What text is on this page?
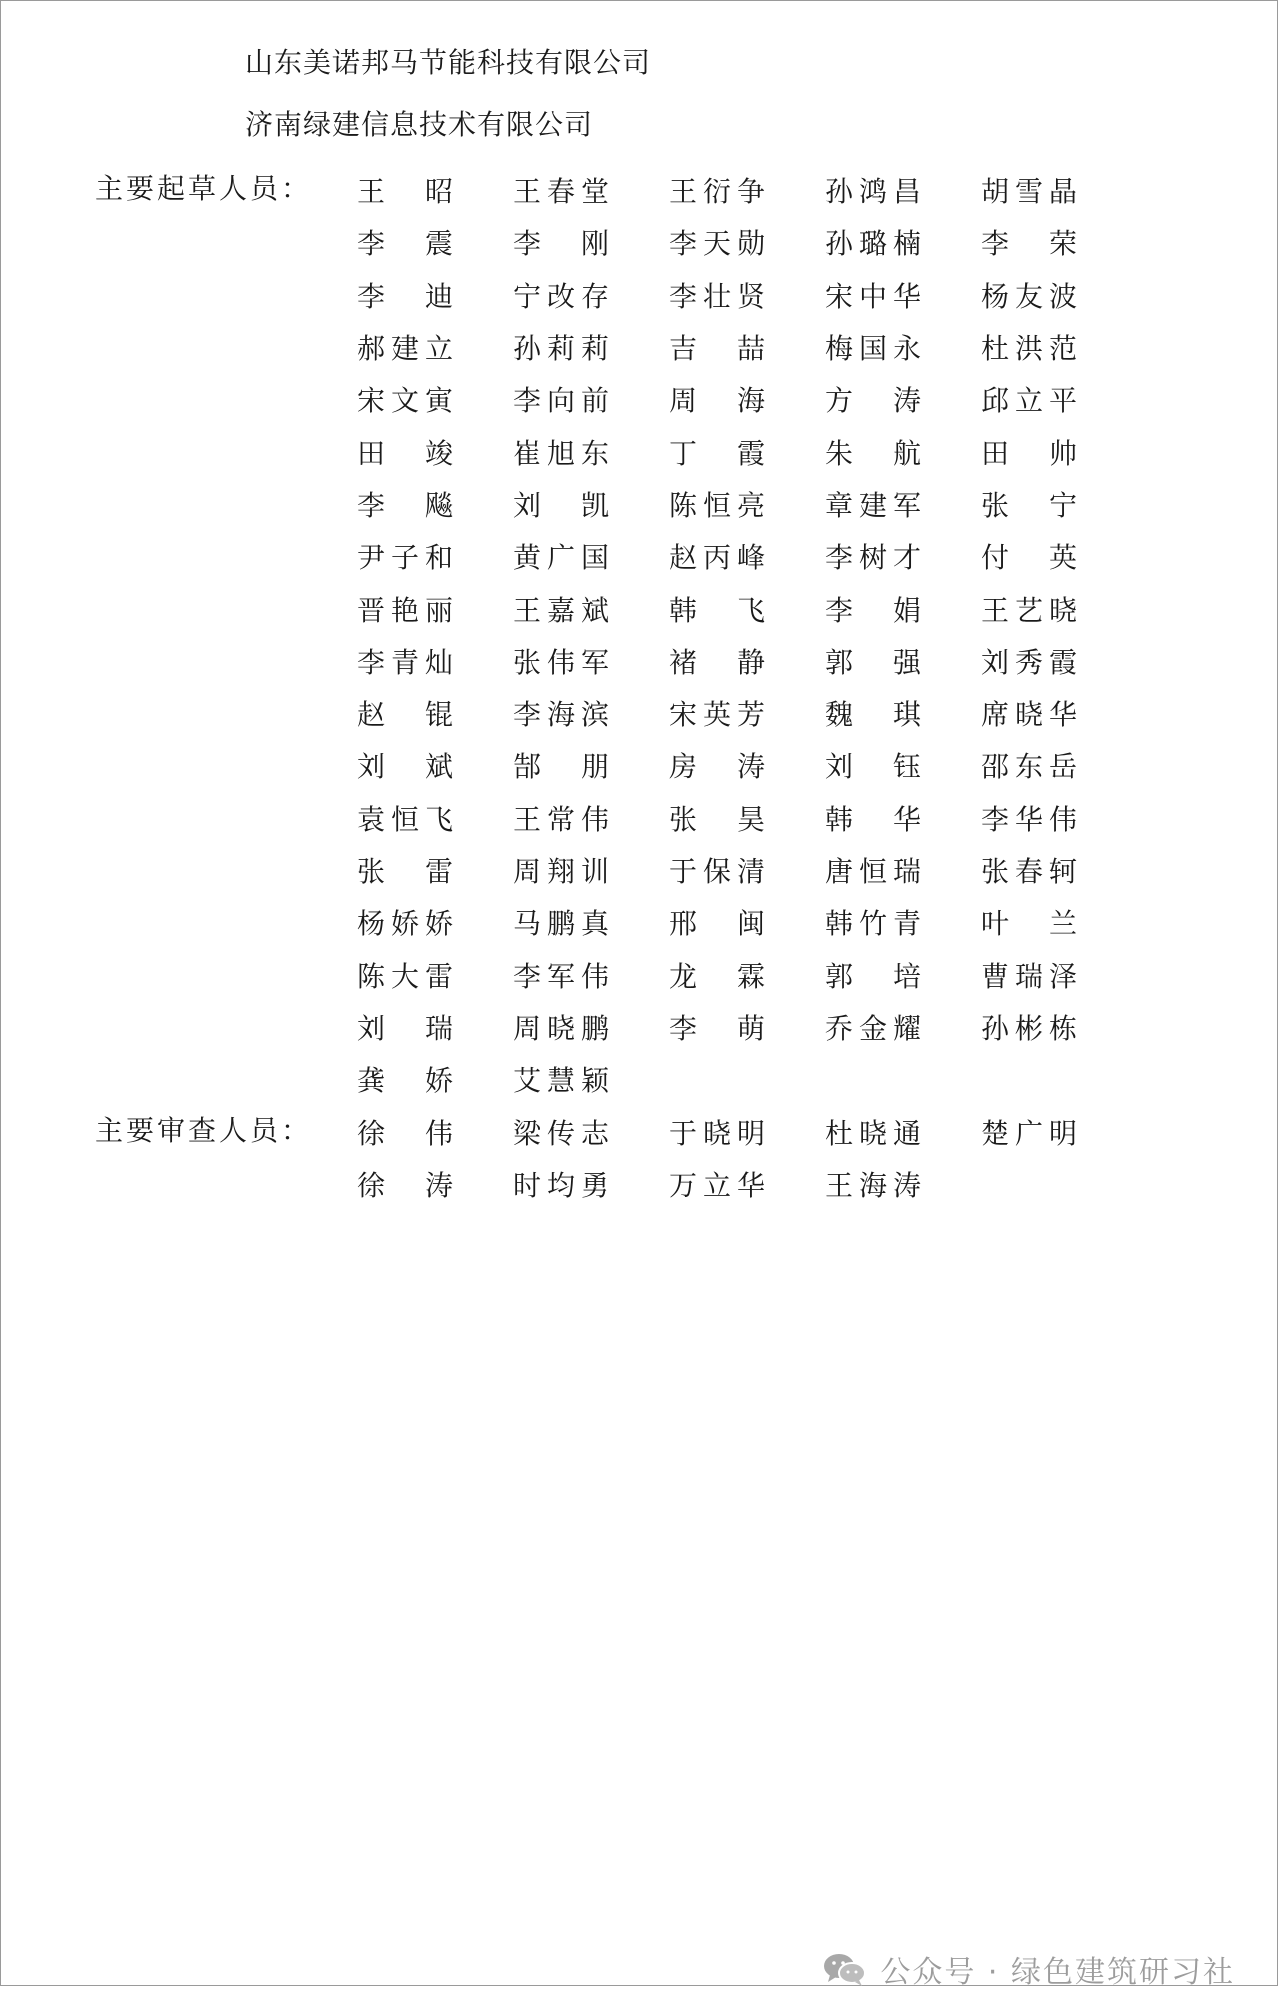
山东美诺邦马节能科技有限公司
济南绿建信息技术有限公司
主要起草人员： 王 昭 王 春 堂 王 衍 争 孙 鸿 昌 胡 雪 晶
李 震 李 刚 李 天 勋 孙 璐 楠 李 荣
李 迪 宁 改 存 李 壮 贤 宋 中 华 杨 友 波
郝 建 立 孙 莉 莉 吉 喆 梅 国 永 杜 洪 范
宋 文 寅 李 向 前 周 海 方 涛 邱 立 平
田 竣 崔 旭 东 丁 霞 朱 航 田 帅
李 飚 刘 凯 陈 恒 亮 章 建 军 张 宁
尹 子 和 黄 广 国 赵 丙 峰 李 树 才 付 英
晋 艳 丽 王 嘉 斌 韩 飞 李 娟 王 艺 晓
李 青 灿 张 伟 军 褚 静 郭 强 刘 秀 霞
赵 锟 李 海 滨 宋 英 芳 魏 琪 席 晓 华
刘 斌 郜 朋 房 涛 刘 钰 邵 东 岳
袁 恒 飞 王 常 伟 张 昊 韩 华 李 华 伟
张 雷 周 翔 训 于 保 清 唐 恒 瑞 张 春 轲
杨 娇 娇 马 鹏 真 邢 闽 韩 竹 青 叶 兰
陈 大 雷 李 军 伟 龙 霖 郭 培 曹 瑞 泽
刘 瑞 周 晓 鹏 李 萌 乔 金 耀 孙 彬 栋
龚 娇 艾 慧 颖
主要审查人员： 徐 伟 梁 传 志 于 晓 明 杜 晓 通 楚 广 明
徐 涛 时 均 勇 万 立 华 王 海 涛
公众号 · 绿色建筑研习社
